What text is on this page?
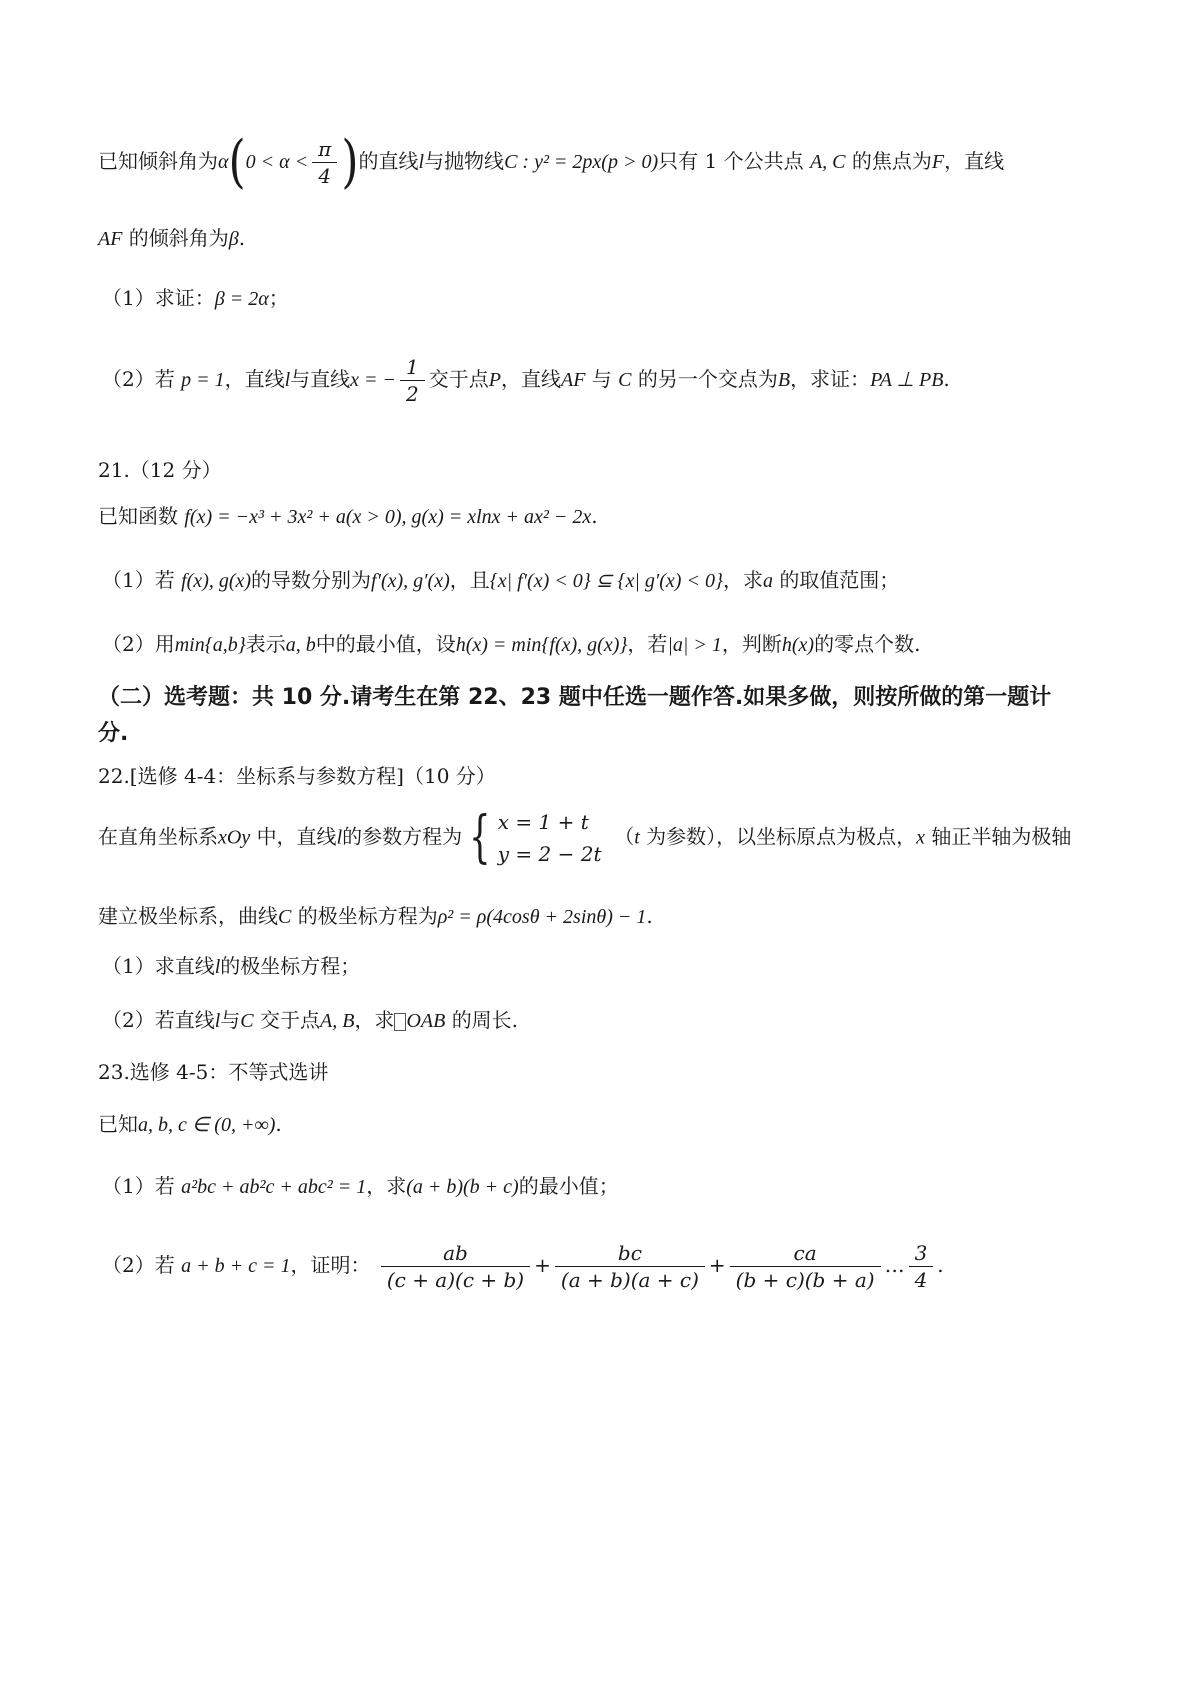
已知倾斜角为$\alpha(0 < \alpha < \frac{\pi}{4}$ )的直线l与抛物线C : y² = 2px(p > 0)只有 1 个公共点 A, C 的焦点为F，直线
AF 的倾斜角为β.
（1）求证：β = 2α；
（2）若 p = 1，直线l与直线x = − $\frac{1}{2}$ 交于点P，直线AF 与 C 的另一个交点为B，求证：PA ⊥ PB.
21.（12 分）
已知函数 f(x) = −x³ + 3x² + a(x > 0), g(x) = xlnx + ax² − 2x.
（1）若 f(x), g(x)的导数分别为f′(x), g′(x)，且{x| f′(x) < 0} ⊆ {x| g′(x) < 0}，求a 的取值范围；
（2）用min{a,b}表示a, b中的最小值，设h(x) = min{f(x), g(x)}，若|a| > 1，判断h(x)的零点个数.
（二）选考题：共 10 分.请考生在第 22、23 题中任选一题作答.如果多做，则按所做的第一题计
分.
22.[选修 4-4：坐标系与参数方程]（10 分）
在直角坐标系xOy 中，直线l的参数方程为 { x = 1 + t
y = 2 − 2t
（t 为参数），以坐标原点为极点，x 轴正半轴为极轴
建立极坐标系，曲线C 的极坐标方程为ρ² = ρ(4cosθ + 2sinθ) − 1.
（1）求直线l的极坐标方程；
（2）若直线l与C 交于点A, B，求 OAB 的周长.
23.选修 4-5：不等式选讲
已知a, b, c ∈ (0, +∞).
（1）若 a²bc + ab²c + abc² = 1，求(a + b)(b + c)的最小值；
（2）若 a + b + c = 1，证明： $\frac{ab}{(c + a)(c + b)} + \frac{bc}{(a + b)(a + c)} + \frac{ca}{(b + c)(b + a)}$ … $\frac{3}{4}$ .
